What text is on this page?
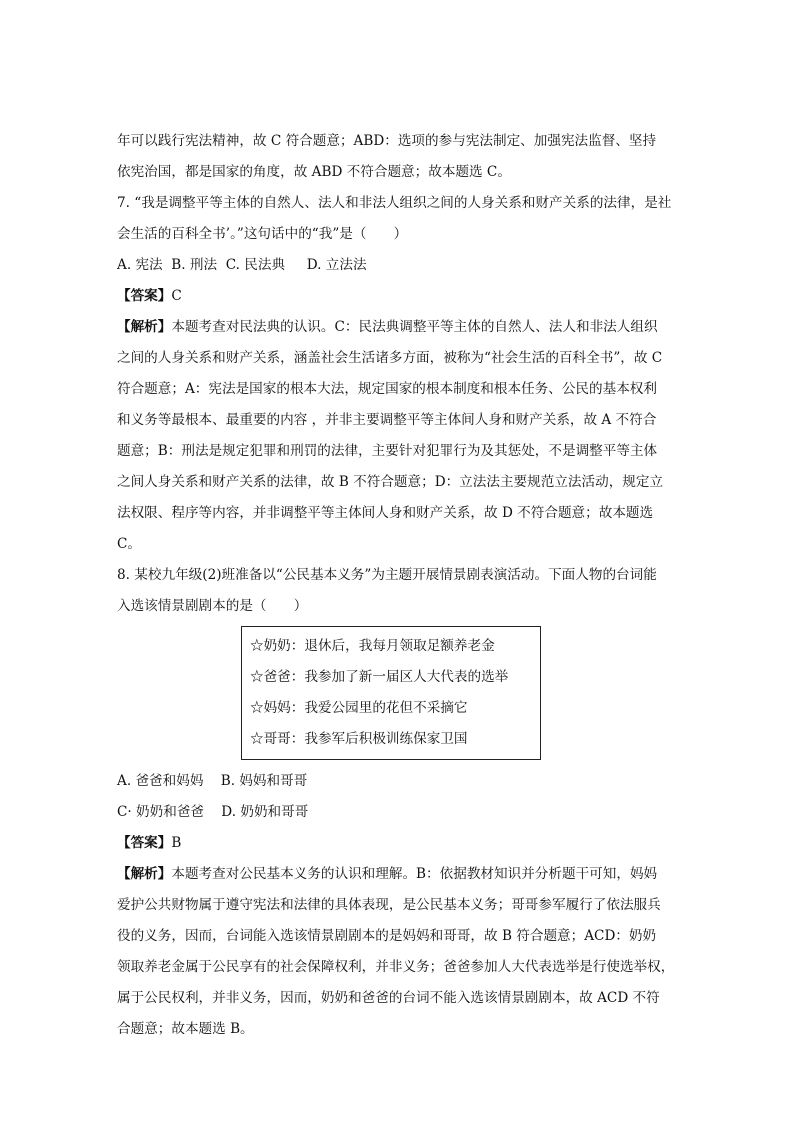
年可以践行宪法精神，故 C 符合题意；ABD：选项的参与宪法制定、加强宪法监督、坚持
依宪治国，都是国家的角度，故 ABD 不符合题意；故本题选 C。
7. “我是调整平等主体的自然人、法人和非法人组织之间的人身关系和财产关系的法律，是社
会生活的百科全书’。”这句话中的“我”是（　　）
A. 宪法  B. 刑法  C. 民法典     D. 立法法
【答案】C
【解析】本题考查对民法典的认识。C：民法典调整平等主体的自然人、法人和非法人组织
之间的人身关系和财产关系，涵盖社会生活诸多方面，被称为“社会生活的百科全书”，故 C
符合题意；A：宪法是国家的根本大法，规定国家的根本制度和根本任务、公民的基本权利
和义务等最根本、最重要的内容 ，并非主要调整平等主体间人身和财产关系，故 A 不符合
题意；B：刑法是规定犯罪和刑罚的法律，主要针对犯罪行为及其惩处，不是调整平等主体
之间人身关系和财产关系的法律，故 B 不符合题意；D：立法法主要规范立法活动，规定立
法权限、程序等内容，并非调整平等主体间人身和财产关系，故 D 不符合题意；故本题选
C。
8. 某校九年级(2)班准备以“公民基本义务”为主题开展情景剧表演活动。下面人物的台词能
入选该情景剧剧本的是（　　）
☆奶奶：退休后，我每月领取足额养老金
☆爸爸：我参加了新一届区人大代表的选举
☆妈妈：我爱公园里的花但不采摘它
☆哥哥：我参军后积极训练保家卫国
A. 爸爸和妈妈    B. 妈妈和哥哥
C· 奶奶和爸爸    D. 奶奶和哥哥
【答案】B
【解析】本题考查对公民基本义务的认识和理解。B：依据教材知识并分析题干可知，妈妈
爱护公共财物属于遵守宪法和法律的具体表现，是公民基本义务；哥哥参军履行了依法服兵
役的义务，因而，台词能入选该情景剧剧本的是妈妈和哥哥，故 B 符合题意；ACD：奶奶
领取养老金属于公民享有的社会保障权利，并非义务；爸爸参加人大代表选举是行使选举权，
属于公民权利，并非义务，因而，奶奶和爸爸的台词不能入选该情景剧剧本，故 ACD 不符
合题意；故本题选 B。
